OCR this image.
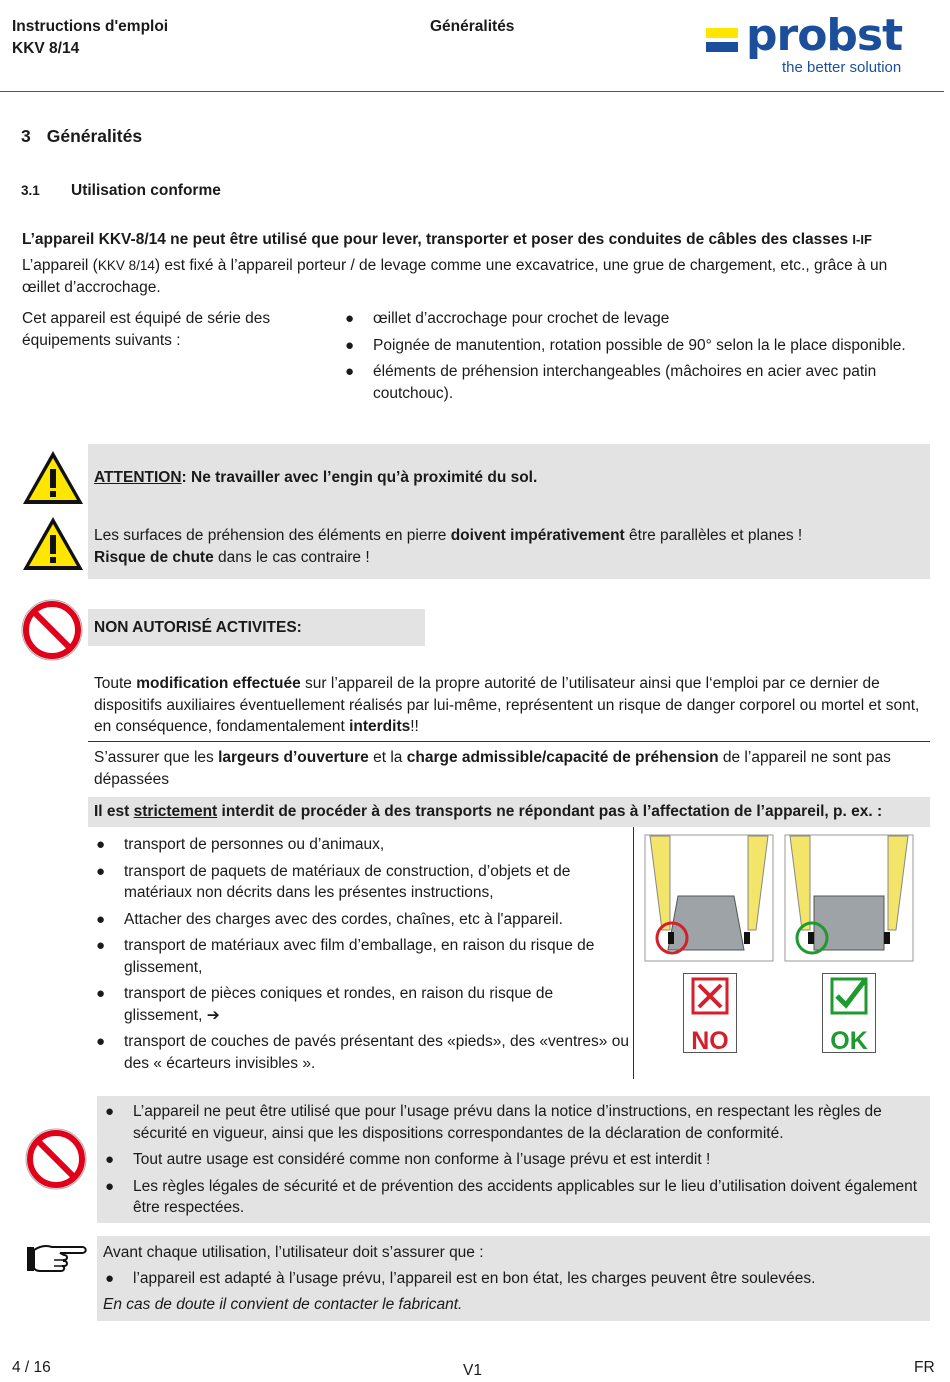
Instructions d'emploi
KKV 8/14
Généralités	probst
the better solution
3 Généralités
3.1 Utilisation conforme
L’appareil KKV-8/14 ne peut être utilisé que pour lever, transporter et poser des conduites de câbles des classes I-IF
L’appareil (KKV 8/14) est fixé à l’appareil porteur / de levage comme une excavatrice, une grue de chargement, etc., grâce à un œillet d’accrochage.
Cet appareil est équipé de série des équipements suivants :
● œillet d’accrochage pour crochet de levage
● Poignée de manutention, rotation possible de 90° selon la le place disponible.
● éléments de préhension interchangeables (mâchoires en acier avec patin coutchouc).
ATTENTION: Ne travailler avec l’engin qu’à proximité du sol.
Les surfaces de préhension des éléments en pierre doivent impérativement être parallèles et planes !
Risque de chute dans le cas contraire !
NON AUTORISÉ ACTIVITES:
Toute modification effectuée sur l’appareil de la propre autorité de l’utilisateur ainsi que l‘emploi par ce dernier de dispositifs auxiliaires éventuellement réalisés par lui-même, représentent un risque de danger corporel ou mortel et sont, en conséquence, fondamentalement interdits!!
S’assurer que les largeurs d’ouverture et la charge admissible/capacité de préhension de l’appareil ne sont pas dépassées
Il est strictement interdit de procéder à des transports ne répondant pas à l’affectation de l’appareil, p. ex. :
● transport de personnes ou d’animaux,
● transport de paquets de matériaux de construction, d’objets et de matériaux non décrits dans les présentes instructions,
● Attacher des charges avec des cordes, chaînes, etc à l'appareil.
● transport de matériaux avec film d’emballage, en raison du risque de glissement,
● transport de pièces coniques et rondes, en raison du risque de glissement, ➔
● transport de couches de pavés présentant des «pieds», des «ventres» ou des « écarteurs invisibles ».
NO	OK
● L’appareil ne peut être utilisé que pour l’usage prévu dans la notice d’instructions, en respectant les règles de sécurité en vigueur, ainsi que les dispositions correspondantes de la déclaration de conformité.
● Tout autre usage est considéré comme non conforme à l’usage prévu et est interdit !
● Les règles légales de sécurité et de prévention des accidents applicables sur le lieu d’utilisation doivent également être respectées.
Avant chaque utilisation, l’utilisateur doit s’assurer que :
● l’appareil est adapté à l’usage prévu, l’appareil est en bon état, les charges peuvent être soulevées.
En cas de doute il convient de contacter le fabricant.
4 / 16	V1	FR
